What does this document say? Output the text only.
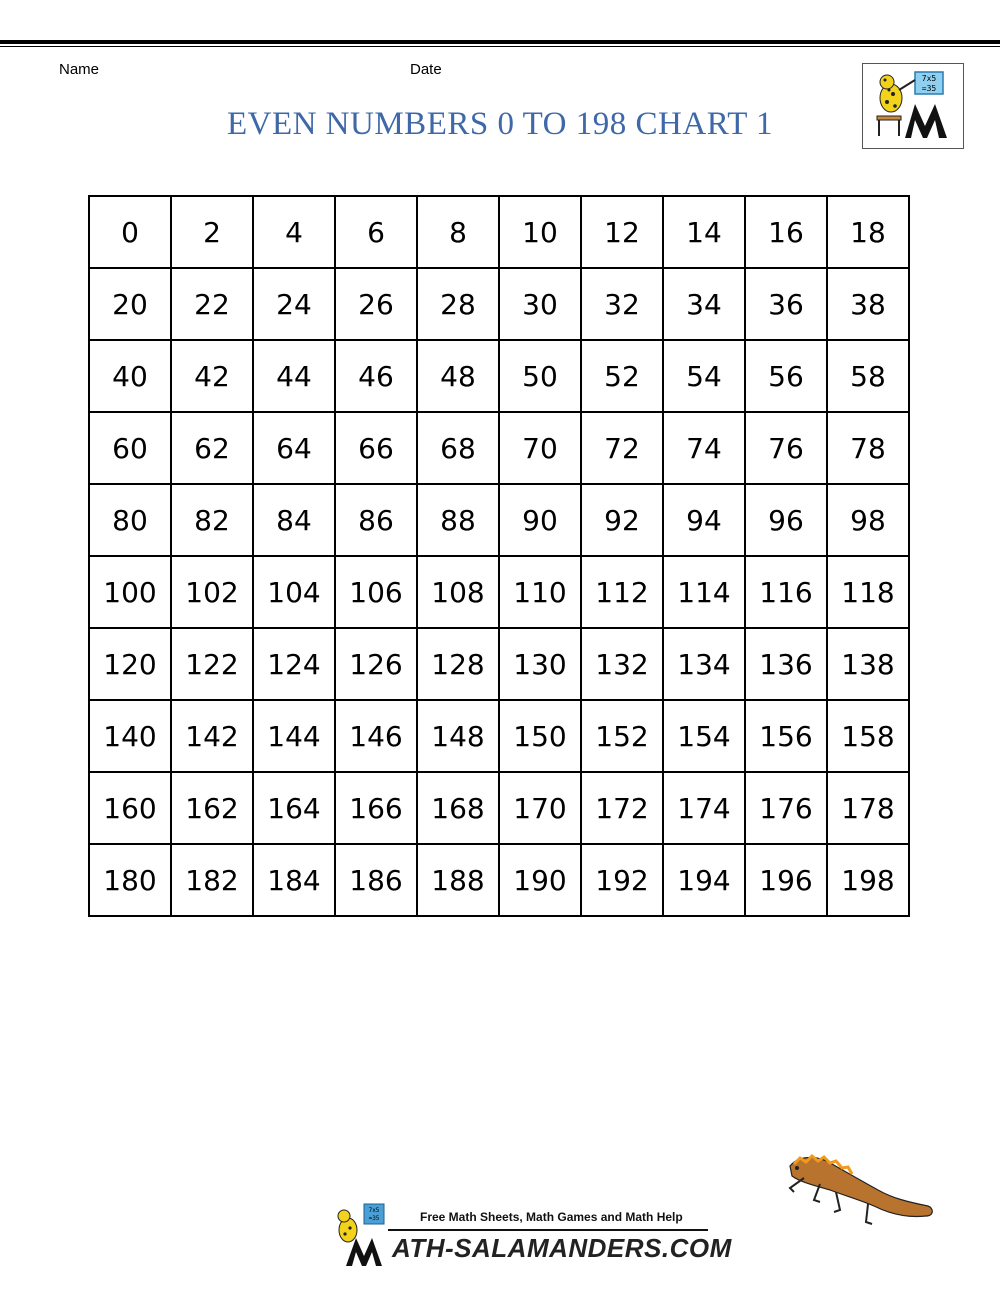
Name	Date
EVEN NUMBERS 0 TO 198 CHART 1
7x5
=35
0	2	4	6	8	10	12	14	16	18
20	22	24	26	28	30	32	34	36	38
40	42	44	46	48	50	52	54	56	58
60	62	64	66	68	70	72	74	76	78
80	82	84	86	88	90	92	94	96	98
100	102	104	106	108	110	112	114	116	118
120	122	124	126	128	130	132	134	136	138
140	142	144	146	148	150	152	154	156	158
160	162	164	166	168	170	172	174	176	178
180	182	184	186	188	190	192	194	196	198
7x5
=35	Free Math Sheets, Math Games and Math Help
ATH-SALAMANDERS.COM
